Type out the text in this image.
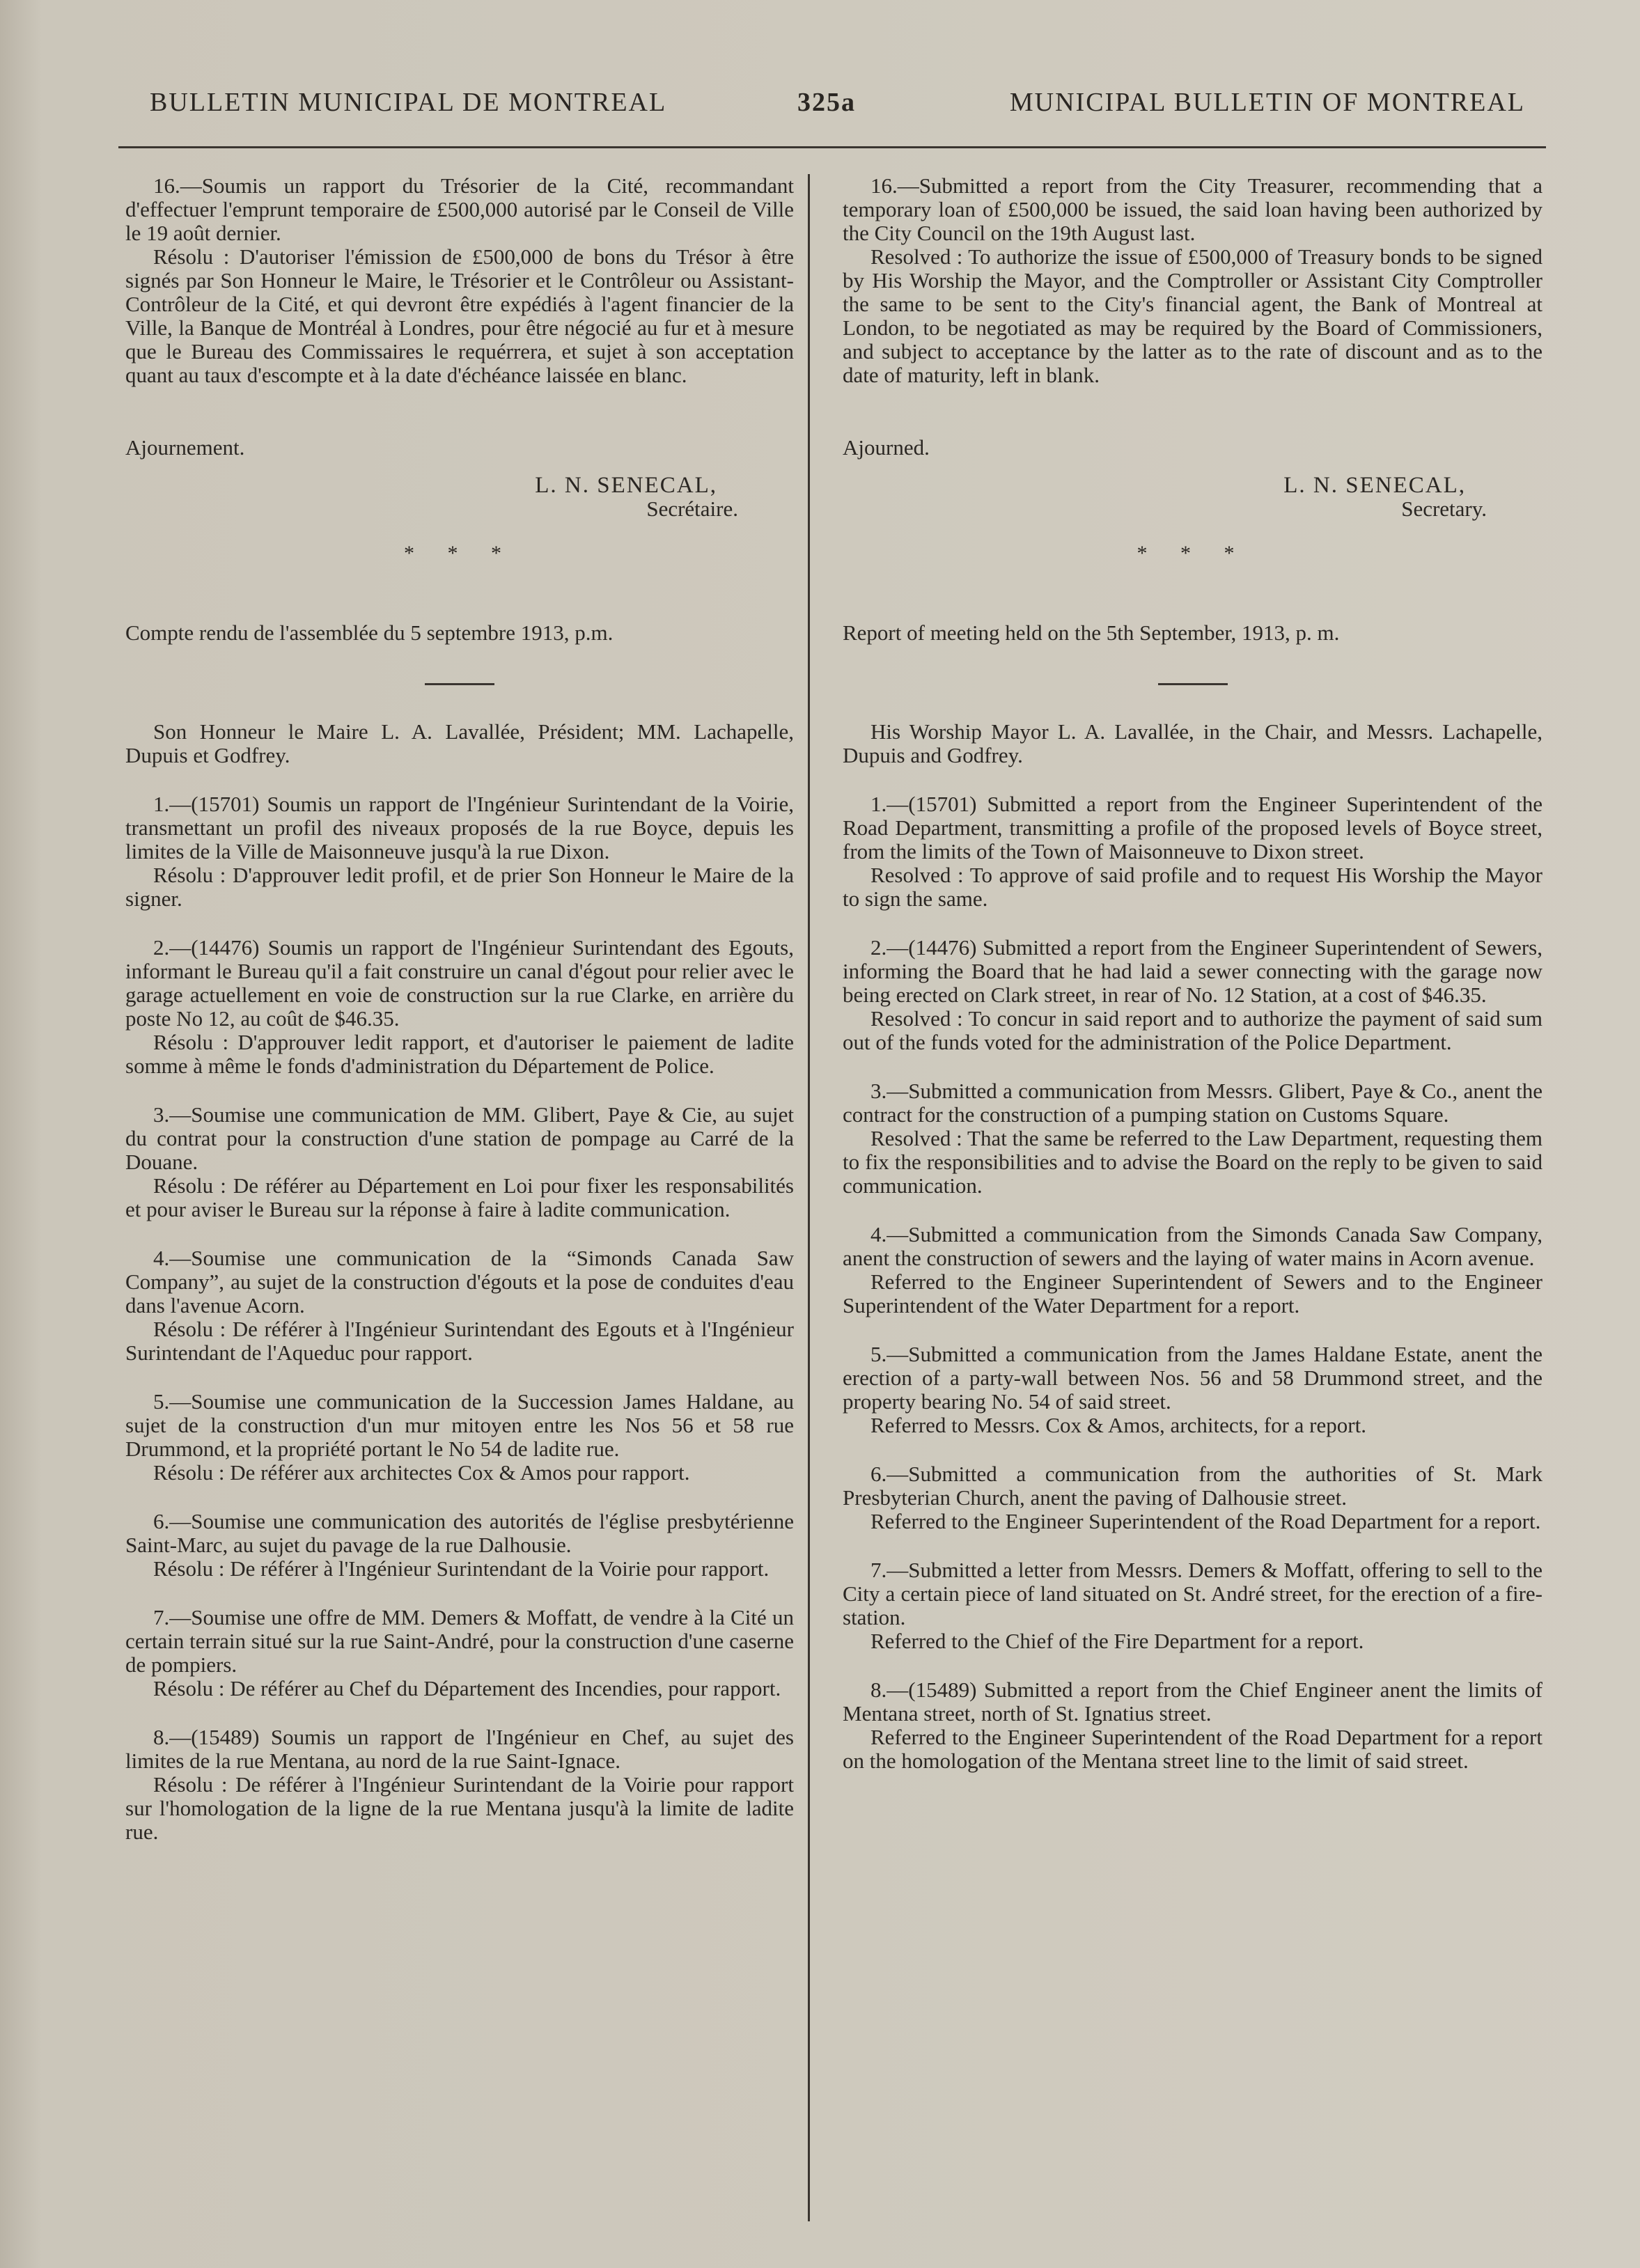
BULLETIN MUNICIPAL DE MONTREAL	325a	MUNICIPAL BULLETIN OF MONTREAL

16.—Soumis un rapport du Trésorier de la Cité, recommandant d'effectuer l'emprunt temporaire de £500,000 autorisé par le Conseil de Ville le 19 août dernier.

Résolu : D'autoriser l'émission de £500,000 de bons du Trésor à être signés par Son Honneur le Maire, le Trésorier et le Contrôleur ou Assistant-Contrôleur de la Cité, et qui devront être expédiés à l'agent financier de la Ville, la Banque de Montréal à Londres, pour être négocié au fur et à mesure que le Bureau des Commissaires le requérrera, et sujet à son acceptation quant au taux d'escompte et à la date d'échéance laissée en blanc.

Ajournement.

L. N. SENECAL,
Secrétaire.
* * *

Compte rendu de l'assemblée du 5 septembre 1913, p.m.

Son Honneur le Maire L. A. Lavallée, Président; MM. Lachapelle, Dupuis et Godfrey.

1.—(15701) Soumis un rapport de l'Ingénieur Surintendant de la Voirie, transmettant un profil des niveaux proposés de la rue Boyce, depuis les limites de la Ville de Maisonneuve jusqu'à la rue Dixon.

Résolu : D'approuver ledit profil, et de prier Son Honneur le Maire de la signer.

2.—(14476) Soumis un rapport de l'Ingénieur Surintendant des Egouts, informant le Bureau qu'il a fait construire un canal d'égout pour relier avec le garage actuellement en voie de construction sur la rue Clarke, en arrière du poste No 12, au coût de $46.35.

Résolu : D'approuver ledit rapport, et d'autoriser le paiement de ladite somme à même le fonds d'administration du Département de Police.

3.—Soumise une communication de MM. Glibert, Paye & Cie, au sujet du contrat pour la construction d'une station de pompage au Carré de la Douane.

Résolu : De référer au Département en Loi pour fixer les responsabilités et pour aviser le Bureau sur la réponse à faire à ladite communication.

4.—Soumise une communication de la “Simonds Canada Saw Company”, au sujet de la construction d'égouts et la pose de conduites d'eau dans l'avenue Acorn.

Résolu : De référer à l'Ingénieur Surintendant des Egouts et à l'Ingénieur Surintendant de l'Aqueduc pour rapport.

5.—Soumise une communication de la Succession James Haldane, au sujet de la construction d'un mur mitoyen entre les Nos 56 et 58 rue Drummond, et la propriété portant le No 54 de ladite rue.

Résolu : De référer aux architectes Cox & Amos pour rapport.

6.—Soumise une communication des autorités de l'église presbytérienne Saint-Marc, au sujet du pavage de la rue Dalhousie.

Résolu : De référer à l'Ingénieur Surintendant de la Voirie pour rapport.

7.—Soumise une offre de MM. Demers & Moffatt, de vendre à la Cité un certain terrain situé sur la rue Saint-André, pour la construction d'une caserne de pompiers.

Résolu : De référer au Chef du Département des Incendies, pour rapport.

8.—(15489) Soumis un rapport de l'Ingénieur en Chef, au sujet des limites de la rue Mentana, au nord de la rue Saint-Ignace.

Résolu : De référer à l'Ingénieur Surintendant de la Voirie pour rapport sur l'homologation de la ligne de la rue Mentana jusqu'à la limite de ladite rue.

16.—Submitted a report from the City Treasurer, recommending that a temporary loan of £500,000 be issued, the said loan having been authorized by the City Council on the 19th August last.

Resolved : To authorize the issue of £500,000 of Treasury bonds to be signed by His Worship the Mayor, and the Comptroller or Assistant City Comptroller the same to be sent to the City's financial agent, the Bank of Montreal at London, to be negotiated as may be required by the Board of Commissioners, and subject to acceptance by the latter as to the rate of discount and as to the date of maturity, left in blank.

Ajourned.

L. N. SENECAL,
Secretary.
* * *

Report of meeting held on the 5th September, 1913, p. m.

His Worship Mayor L. A. Lavallée, in the Chair, and Messrs. Lachapelle, Dupuis and Godfrey.

1.—(15701) Submitted a report from the Engineer Superintendent of the Road Department, transmitting a profile of the proposed levels of Boyce street, from the limits of the Town of Maisonneuve to Dixon street.

Resolved : To approve of said profile and to request His Worship the Mayor to sign the same.

2.—(14476) Submitted a report from the Engineer Superintendent of Sewers, informing the Board that he had laid a sewer connecting with the garage now being erected on Clark street, in rear of No. 12 Station, at a cost of $46.35.

Resolved : To concur in said report and to authorize the payment of said sum out of the funds voted for the administration of the Police Department.

3.—Submitted a communication from Messrs. Glibert, Paye & Co., anent the contract for the construction of a pumping station on Customs Square.

Resolved : That the same be referred to the Law Department, requesting them to fix the responsibilities and to advise the Board on the reply to be given to said communication.

4.—Submitted a communication from the Simonds Canada Saw Company, anent the construction of sewers and the laying of water mains in Acorn avenue.

Referred to the Engineer Superintendent of Sewers and to the Engineer Superintendent of the Water Department for a report.

5.—Submitted a communication from the James Haldane Estate, anent the erection of a party-wall between Nos. 56 and 58 Drummond street, and the property bearing No. 54 of said street.

Referred to Messrs. Cox & Amos, architects, for a report.

6.—Submitted a communication from the authorities of St. Mark Presbyterian Church, anent the paving of Dalhousie street.

Referred to the Engineer Superintendent of the Road Department for a report.

7.—Submitted a letter from Messrs. Demers & Moffatt, offering to sell to the City a certain piece of land situated on St. André street, for the erection of a fire-station.

Referred to the Chief of the Fire Department for a report.

8.—(15489) Submitted a report from the Chief Engineer anent the limits of Mentana street, north of St. Ignatius street.

Referred to the Engineer Superintendent of the Road Department for a report on the homologation of the Mentana street line to the limit of said street.
